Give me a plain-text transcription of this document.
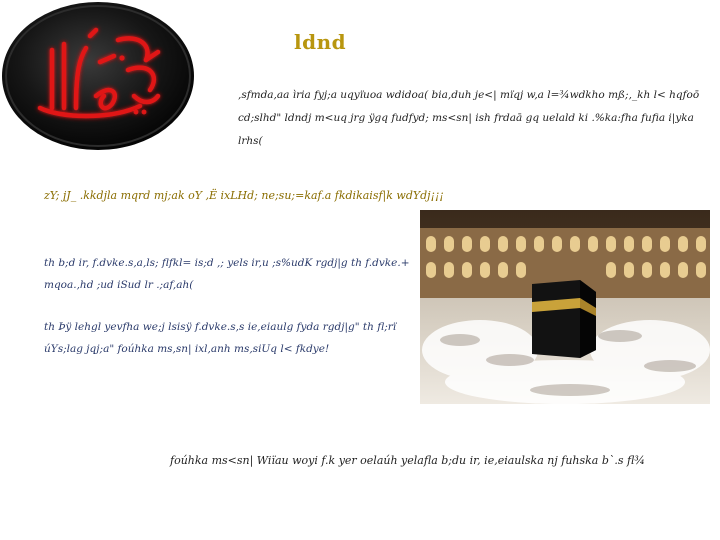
ldnd
,sfmda,aa ìria fyj;a uqyïuoa wdidoa( bia,duh je<| mïqj w,a l=¾wdkho mß;,_kh l< hqfoō cd;slhd" ldndj m<uq jrg ÿgq fudfyd; ms<sn| ish frdaā gq uelald ki .%ka:fha fufia i|yka lrhs(
zY; jJ_ .kkdjla mqrd mj;ak oY ,Ë ixLHd; ne;su;=kaf.a fkdikaisf|k wdYdj¡¡¡
th b;d ir, f.dvke.s,a,ls; flfkl= is;d ,; yels ir,u ;s%udK rgdj|g th f.dvke.+ mqoa.,hd ;ud iSud lr .;af,ah(
th Þÿ lehgl yevfha we;j lsisÿ f.dvke.s,s ie,eiaulg fyda rgdj|g" th fl;rï úYs;lag jqj;a" foúhka ms,sn| ixl,anh ms,siUq l< fkdye!
foúhka ms<sn| Wiïau woyi f.k yer oelaúh yelafla b;du ir, ie,eiaulska nj fuhska b`.s fl¾
